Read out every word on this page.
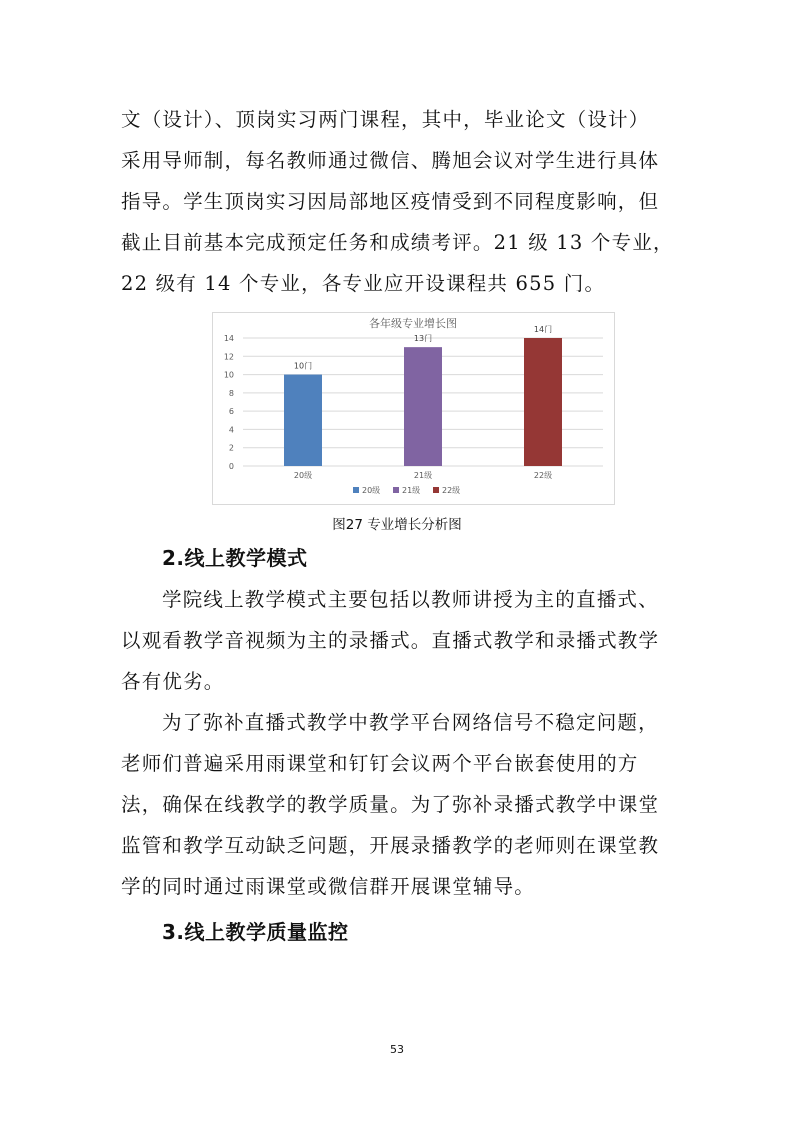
文（设计）、顶岗实习两门课程，其中，毕业论文（设计）
采用导师制，每名教师通过微信、腾旭会议对学生进行具体
指导。学生顶岗实习因局部地区疫情受到不同程度影响，但
截止目前基本完成预定任务和成绩考评。21 级 13 个专业，
22 级有 14 个专业，各专业应开设课程共 655 门。
各年级专业增长图
0
2
4
6
8
10
12
14
10门
20级
13门
21级
14门
22级
20级	21级	22级
图27 专业增长分析图
2.线上教学模式
学院线上教学模式主要包括以教师讲授为主的直播式、
以观看教学音视频为主的录播式。直播式教学和录播式教学
各有优劣。
为了弥补直播式教学中教学平台网络信号不稳定问题，
老师们普遍采用雨课堂和钉钉会议两个平台嵌套使用的方
法，确保在线教学的教学质量。为了弥补录播式教学中课堂
监管和教学互动缺乏问题，开展录播教学的老师则在课堂教
学的同时通过雨课堂或微信群开展课堂辅导。
3.线上教学质量监控
53
